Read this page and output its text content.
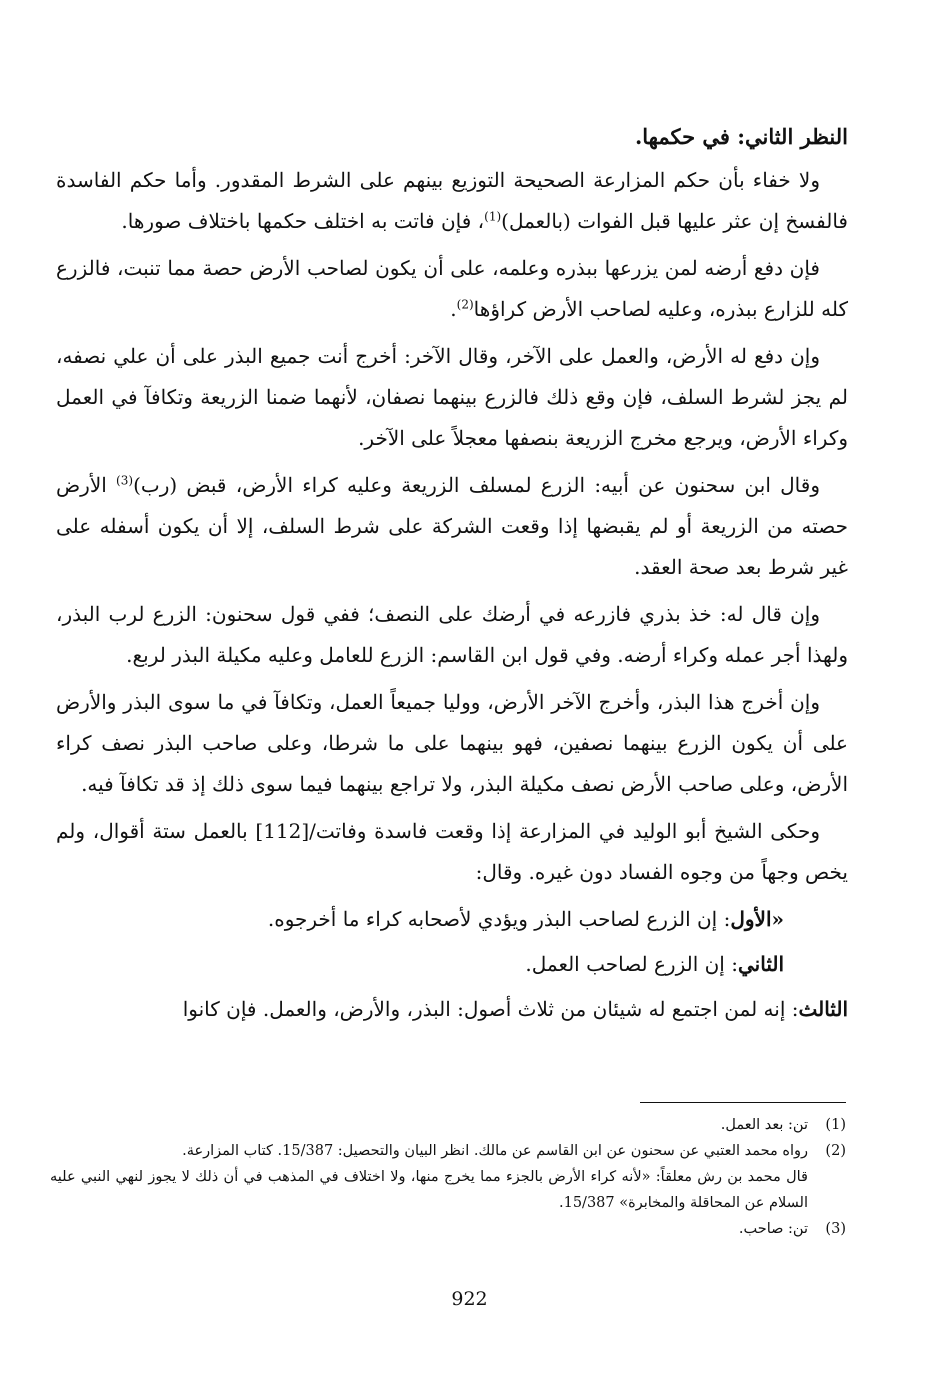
النظر الثاني: في حكمها.

ولا خفاء بأن حكم المزارعة الصحيحة التوزيع بينهم على الشرط المقدور. وأما حكم الفاسدة فالفسخ إن عثر عليها قبل الفوات (بالعمل)$^{(1)}$، فإن فاتت به اختلف حكمها باختلاف صورها.

فإن دفع أرضه لمن يزرعها ببذره وعلمه، على أن يكون لصاحب الأرض حصة مما تنبت، فالزرع كله للزارع ببذره، وعليه لصاحب الأرض كراؤها$^{(2)}$.

وإن دفع له الأرض، والعمل على الآخر، وقال الآخر: أخرج أنت جميع البذر على أن علي نصفه، لم يجز لشرط السلف، فإن وقع ذلك فالزرع بينهما نصفان، لأنهما ضمنا الزريعة وتكافآ في العمل وكراء الأرض، ويرجع مخرج الزريعة بنصفها معجلاً على الآخر.

وقال ابن سحنون عن أبيه: الزرع لمسلف الزريعة وعليه كراء الأرض، قبض (رب)$^{(3)}$ الأرض حصته من الزريعة أو لم يقبضها إذا وقعت الشركة على شرط السلف، إلا أن يكون أسفله على غير شرط بعد صحة العقد.

وإن قال له: خذ بذري فازرعه في أرضك على النصف؛ ففي قول سحنون: الزرع لرب البذر، ولهذا أجر عمله وكراء أرضه. وفي قول ابن القاسم: الزرع للعامل وعليه مكيلة البذر لربع.

وإن أخرج هذا البذر، وأخرج الآخر الأرض، ووليا جميعاً العمل، وتكافآ في ما سوى البذر والأرض على أن يكون الزرع بينهما نصفين، فهو بينهما على ما شرطا، وعلى صاحب البذر نصف كراء الأرض، وعلى صاحب الأرض نصف مكيلة البذر، ولا تراجع بينهما فيما سوى ذلك إذ قد تكافآ فيه.

وحكى الشيخ أبو الوليد في المزارعة إذا وقعت فاسدة وفاتت/[112] بالعمل ستة أقوال، ولم يخص وجهاً من وجوه الفساد دون غيره. وقال:

«الأول: إن الزرع لصاحب البذر ويؤدي لأصحابه كراء ما أخرجوه.

الثاني: إن الزرع لصاحب العمل.

الثالث: إنه لمن اجتمع له شيئان من ثلاث أصول: البذر، والأرض، والعمل. فإن كانوا

(1)
تن: بعد العمل.
(2)
رواه محمد العتبي عن سحنون عن ابن القاسم عن مالك. انظر البيان والتحصيل: 15/387. كتاب المزارعة.
قال محمد بن رش معلقاً: «لأنه كراء الأرض بالجزء مما يخرج منها، ولا اختلاف في المذهب في أن ذلك لا يجوز لنهي النبي عليه السلام عن المحاقلة والمخابرة» 15/387.
(3)
تن: صاحب.
922
